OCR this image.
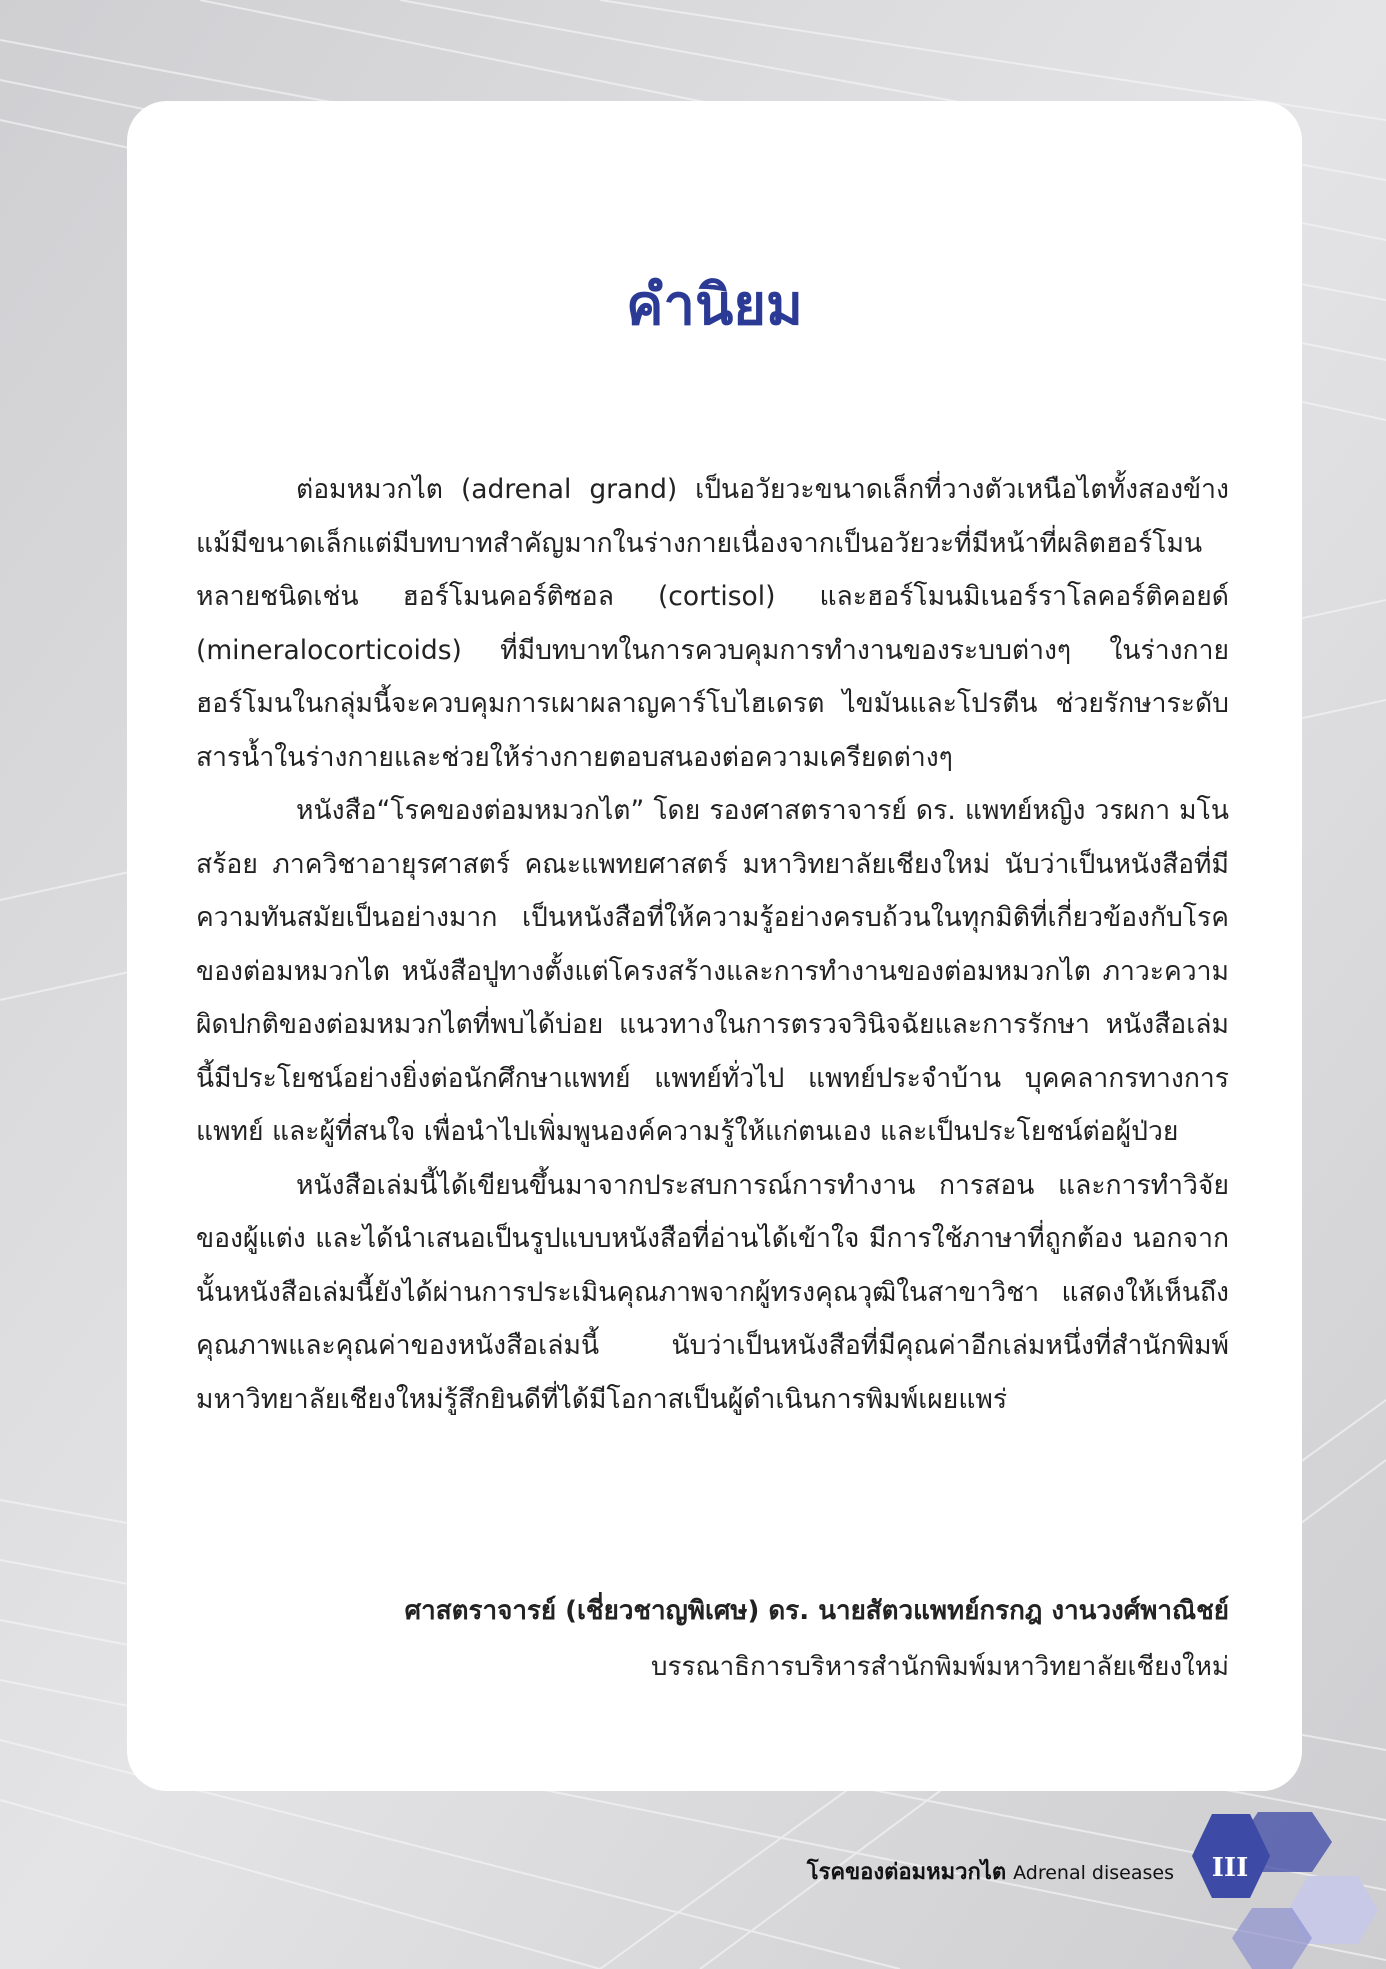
คำนิยม

ต่อมหมวกไต (adrenal grand) เป็นอวัยวะขนาดเล็กที่วางตัวเหนือไตทั้งสองข้าง แม้มีขนาดเล็กแต่มีบทบาทสำคัญมากในร่างกายเนื่องจากเป็นอวัยวะที่มีหน้าที่ผลิตฮอร์โมนหลายชนิดเช่น ฮอร์โมนคอร์ติซอล (cortisol) และฮอร์โมนมิเนอร์ราโลคอร์ติคอยด์ (mineralocorticoids) ที่มีบทบาทในการควบคุมการทำงานของระบบต่างๆ ในร่างกาย ฮอร์โมนในกลุ่มนี้จะควบคุมการเผาผลาญคาร์โบไฮเดรต ไขมันและโปรตีน ช่วยรักษาระดับสารน้ำในร่างกายและช่วยให้ร่างกายตอบสนองต่อความเครียดต่างๆ

หนังสือ“โรคของต่อมหมวกไต” โดย รองศาสตราจารย์ ดร. แพทย์หญิง วรผกา มโนสร้อย ภาควิชาอายุรศาสตร์ คณะแพทยศาสตร์ มหาวิทยาลัยเชียงใหม่ นับว่าเป็นหนังสือที่มีความทันสมัยเป็นอย่างมาก เป็นหนังสือที่ให้ความรู้อย่างครบถ้วนในทุกมิติที่เกี่ยวข้องกับโรคของต่อมหมวกไต หนังสือปูทางตั้งแต่โครงสร้างและการทำงานของต่อมหมวกไต ภาวะความผิดปกติของต่อมหมวกไตที่พบได้บ่อย แนวทางในการตรวจวินิจฉัยและการรักษา หนังสือเล่มนี้มีประโยชน์อย่างยิ่งต่อนักศึกษาแพทย์ แพทย์ทั่วไป แพทย์ประจำบ้าน บุคคลากรทางการแพทย์ และผู้ที่สนใจ เพื่อนำไปเพิ่มพูนองค์ความรู้ให้แก่ตนเอง และเป็นประโยชน์ต่อผู้ป่วย

หนังสือเล่มนี้ได้เขียนขึ้นมาจากประสบการณ์การทำงาน การสอน และการทำวิจัยของผู้แต่ง และได้นำเสนอเป็นรูปแบบหนังสือที่อ่านได้เข้าใจ มีการใช้ภาษาที่ถูกต้อง นอกจากนั้นหนังสือเล่มนี้ยังได้ผ่านการประเมินคุณภาพจากผู้ทรงคุณวุฒิในสาขาวิชา แสดงให้เห็นถึงคุณภาพและคุณค่าของหนังสือเล่มนี้ นับว่าเป็นหนังสือที่มีคุณค่าอีกเล่มหนึ่งที่สำนักพิมพ์มหาวิทยาลัยเชียงใหม่รู้สึกยินดีที่ได้มีโอกาสเป็นผู้ดำเนินการพิมพ์เผยแพร่

ศาสตราจารย์ (เชี่ยวชาญพิเศษ) ดร. นายสัตวแพทย์กรกฎ งานวงศ์พาณิชย์
บรรณาธิการบริหารสำนักพิมพ์มหาวิทยาลัยเชียงใหม่
โรคของต่อมหมวกไต Adrenal diseases	III
